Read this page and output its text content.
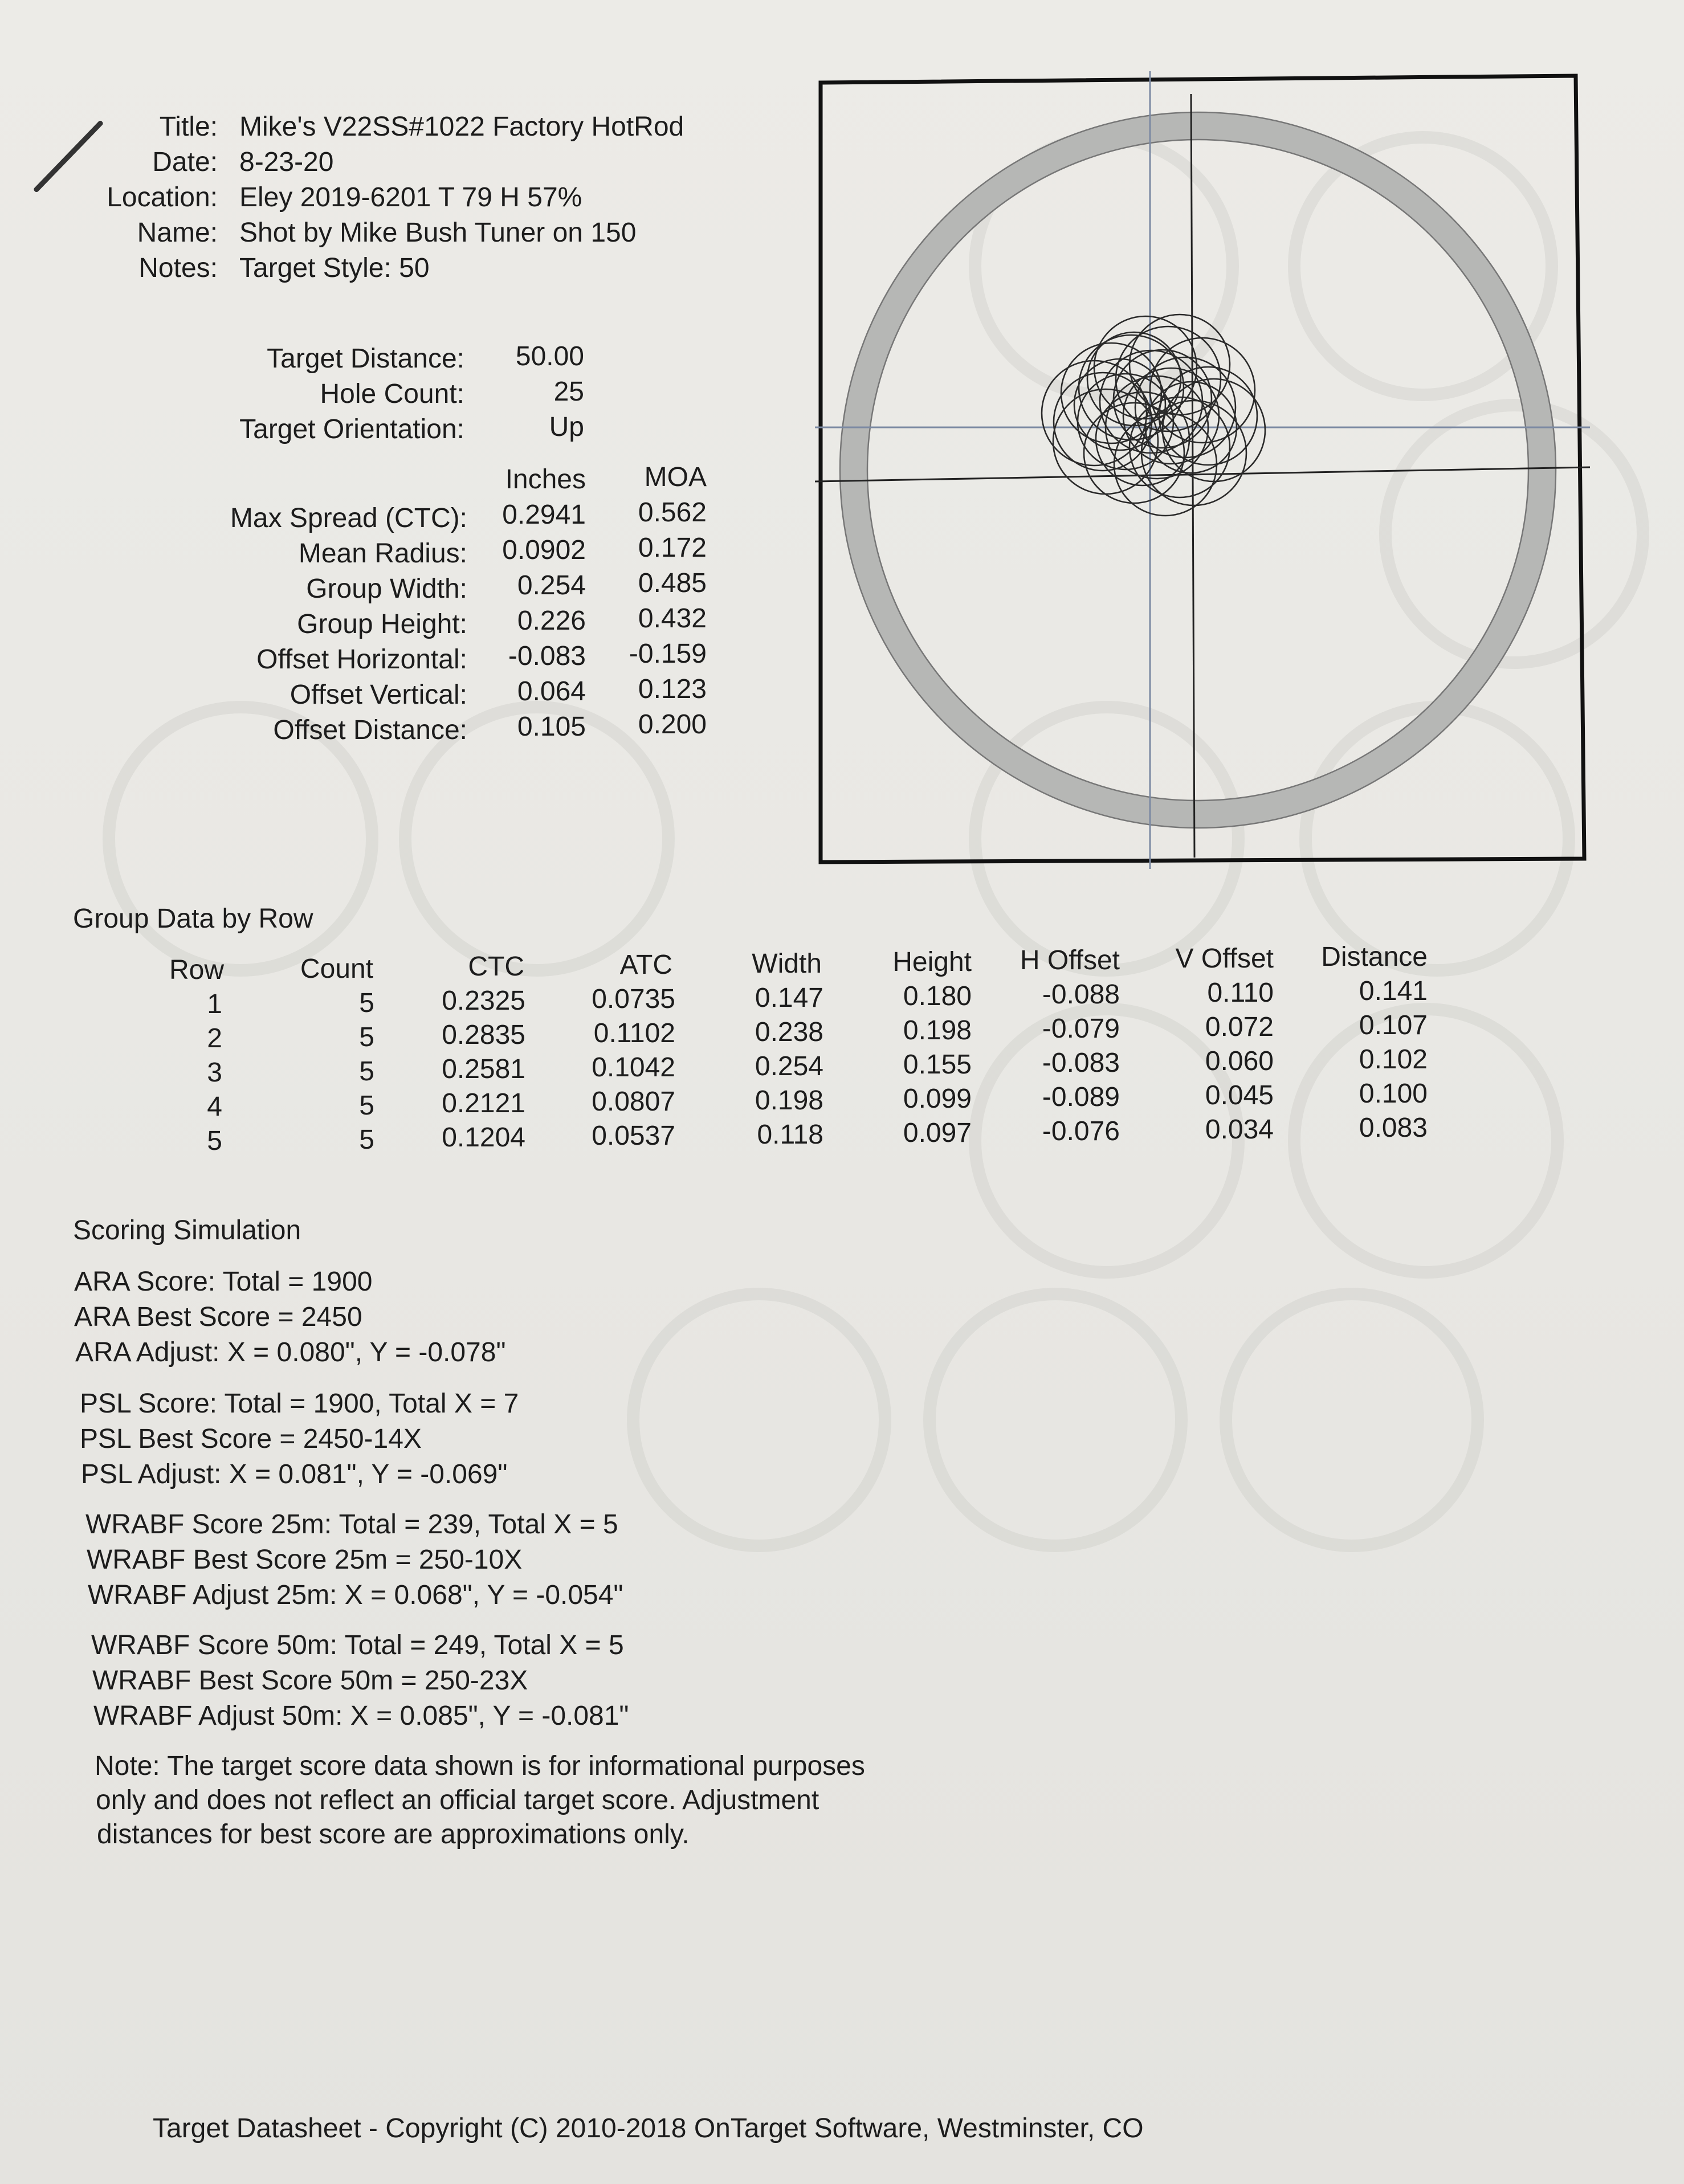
Title: Mike's V22SS#1022 Factory HotRod
Date: 8-23-20
Location: Eley 2019-6201 T 79 H 57%
Name: Shot by Mike Bush Tuner on 150
Notes: Target Style: 50
Target Distance:	50.00
Hole Count:	25
Target Orientation:	Up
Inches	MOA
Max Spread (CTC):	0.2941	0.562
Mean Radius:	0.0902	0.172
Group Width:	0.254	0.485
Group Height:	0.226	0.432
Offset Horizontal:	-0.083 -0.159
Offset Vertical:	0.064	0.123
Offset Distance:	0.105	0.200
Group Data by Row
Row	Count	CTC	ATC	Width	Height	H Offset	V Offset	Distance
1	5	0.2325	0.0735	0.147	0.180	-0.088	0.110	0.141
2	5	0.2835	0.1102	0.238	0.198	-0.079	0.072	0.107
3	5	0.2581	0.1042	0.254	0.155	-0.083	0.060	0.102
4	5	0.2121	0.0807	0.198	0.099	-0.089	0.045	0.100
5	5	0.1204	0.0537	0.118	0.097	-0.076	0.034	0.083
Scoring Simulation
ARA Score: Total = 1900
ARA Best Score = 2450
ARA Adjust: X = 0.080", Y = -0.078"
PSL Score: Total = 1900, Total X = 7
PSL Best Score = 2450-14X
PSL Adjust: X = 0.081", Y = -0.069"
WRABF Score 25m: Total = 239, Total X = 5
WRABF Best Score 25m = 250-10X
WRABF Adjust 25m: X = 0.068", Y = -0.054"
WRABF Score 50m: Total = 249, Total X = 5
WRABF Best Score 50m = 250-23X
WRABF Adjust 50m: X = 0.085", Y = -0.081"
Note: The target score data shown is for informational purposes
only and does not reflect an official target score. Adjustment
distances for best score are approximations only.
Target Datasheet - Copyright (C) 2010-2018 OnTarget Software, Westminster, CO
